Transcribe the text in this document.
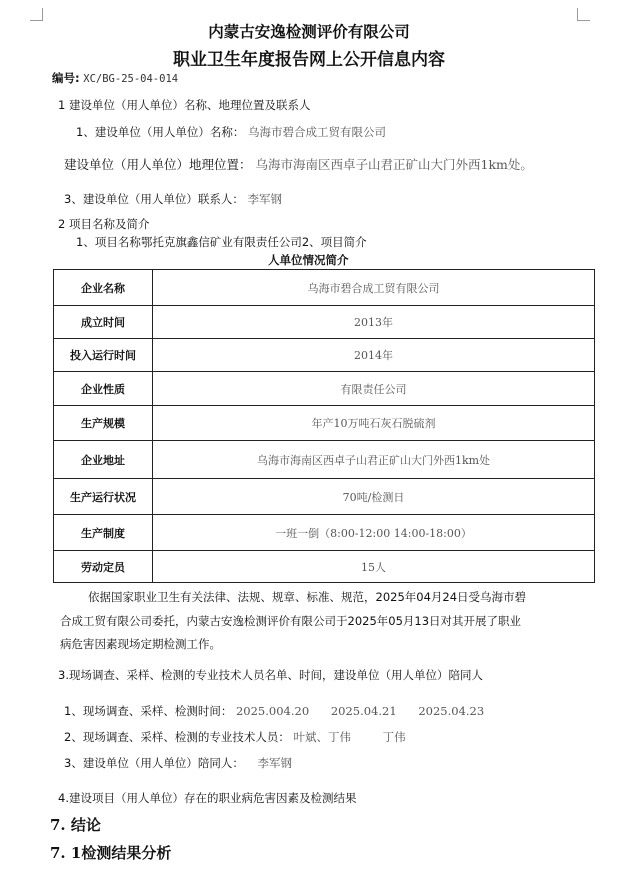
内蒙古安逸检测评价有限公司
职业卫生年度报告网上公开信息内容
编号: XC/BG-25-04-014
1 建设单位（用人单位）名称、地理位置及联系人
1、建设单位（用人单位）名称： 乌海市碧合成工贸有限公司
建设单位（用人单位）地理位置： 乌海市海南区西卓子山君正矿山大门外西1km处。
3、建设单位（用人单位）联系人： 李军钢
2 项目名称及简介
1、项目名称鄂托克旗鑫信矿业有限责任公司2、项目简介
人单位情况简介
企业名称	乌海市碧合成工贸有限公司
成立时间	2013年
投入运行时间	2014年
企业性质	有限责任公司
生产规模	年产10万吨石灰石脱硫剂
企业地址	乌海市海南区西卓子山君正矿山大门外西1km处
生产运行状况	70吨/检测日
生产制度	一班一倒（8:00-12:00 14:00-18:00）
劳动定员	15人
依据国家职业卫生有关法律、法规、规章、标准、规范，2025年04月24日受乌海市碧
合成工贸有限公司委托，内蒙古安逸检测评价有限公司于2025年05月13日对其开展了职业
病危害因素现场定期检测工作。
3.现场调查、采样、检测的专业技术人员名单、时间，建设单位（用人单位）陪同人
1、现场调查、采样、检测时间： 2025.004.20 2025.04.21 2025.04.23
2、现场调查、采样、检测的专业技术人员： 叶斌、丁伟	丁伟
3、建设单位（用人单位）陪同人： 李军钢
4.建设项目（用人单位）存在的职业病危害因素及检测结果
7. 结论
7. 1检测结果分析
